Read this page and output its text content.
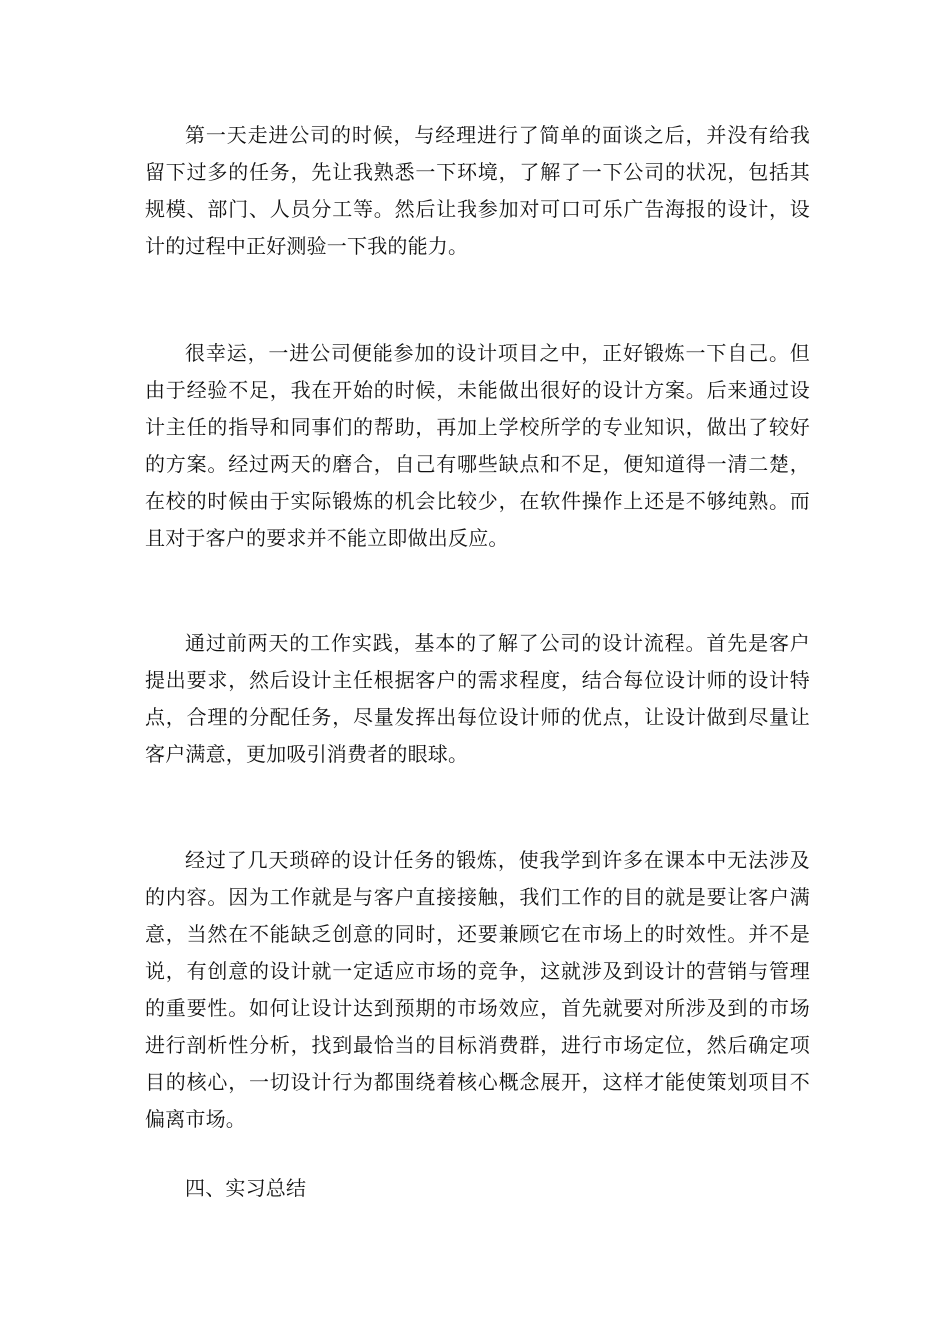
第一天走进公司的时候，与经理进行了简单的面谈之后，并没有给我留下过多的任务，先让我熟悉一下环境，了解了一下公司的状况，包括其规模、部门、人员分工等。然后让我参加对可口可乐广告海报的设计，设计的过程中正好测验一下我的能力。

很幸运，一进公司便能参加的设计项目之中，正好锻炼一下自己。但由于经验不足，我在开始的时候，未能做出很好的设计方案。后来通过设计主任的指导和同事们的帮助，再加上学校所学的专业知识，做出了较好的方案。经过两天的磨合，自己有哪些缺点和不足，便知道得一清二楚，在校的时候由于实际锻炼的机会比较少，在软件操作上还是不够纯熟。而且对于客户的要求并不能立即做出反应。

通过前两天的工作实践，基本的了解了公司的设计流程。首先是客户提出要求，然后设计主任根据客户的需求程度，结合每位设计师的设计特点，合理的分配任务，尽量发挥出每位设计师的优点，让设计做到尽量让客户满意，更加吸引消费者的眼球。

经过了几天琐碎的设计任务的锻炼，使我学到许多在课本中无法涉及的内容。因为工作就是与客户直接接触，我们工作的目的就是要让客户满意，当然在不能缺乏创意的同时，还要兼顾它在市场上的时效性。并不是说，有创意的设计就一定适应市场的竞争，这就涉及到设计的营销与管理的重要性。如何让设计达到预期的市场效应，首先就要对所涉及到的市场进行剖析性分析，找到最恰当的目标消费群，进行市场定位，然后确定项目的核心，一切设计行为都围绕着核心概念展开，这样才能使策划项目不偏离市场。

四、实习总结
